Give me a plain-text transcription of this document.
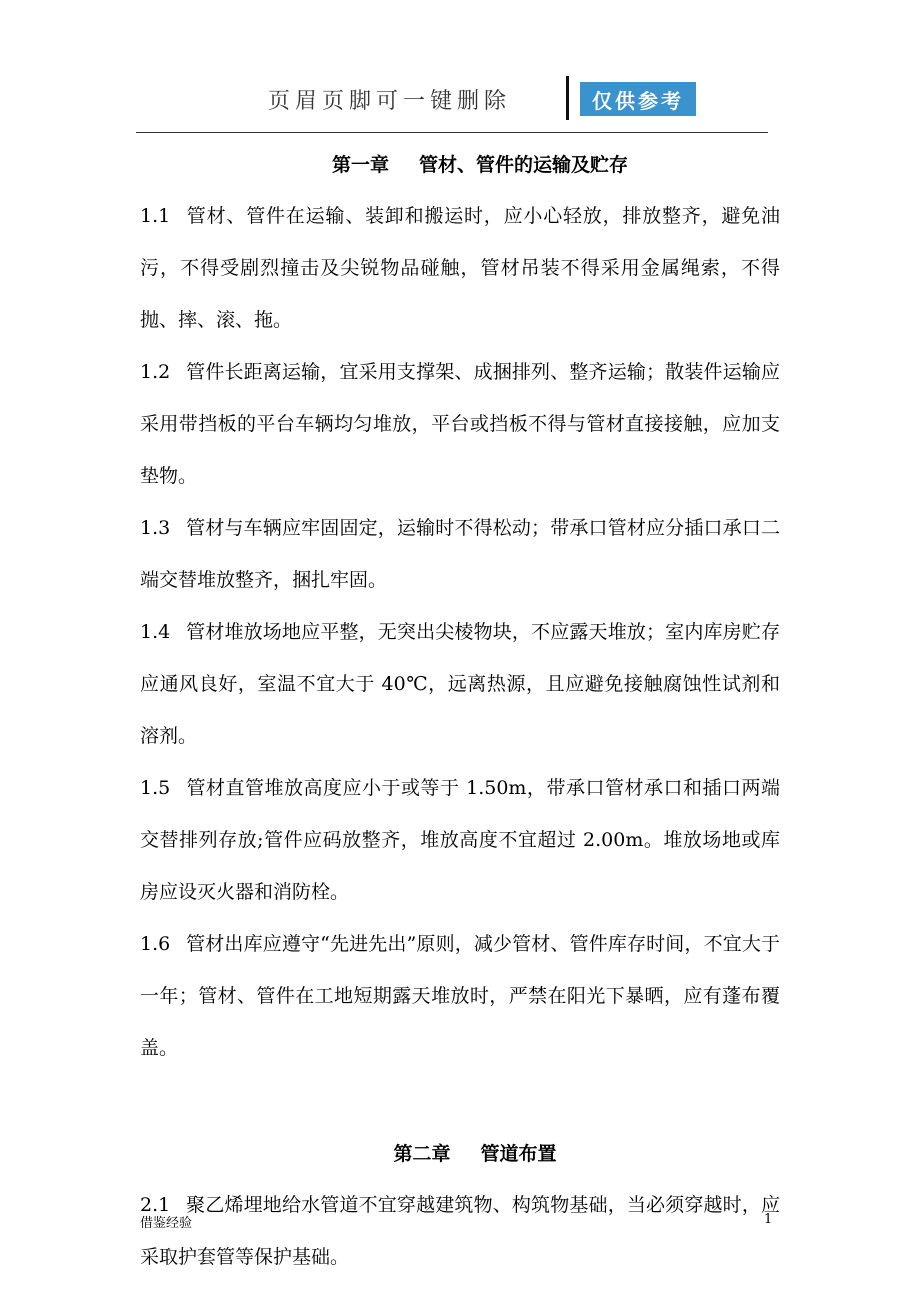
页眉页脚可一键删除	仅供参考
第一章 管材、管件的运输及贮存

1.1 管材、管件在运输、装卸和搬运时，应小心轻放，排放整齐，避免油污，不得受剧烈撞击及尖锐物品碰触，管材吊装不得采用金属绳索，不得抛、摔、滚、拖。

1.2 管件长距离运输，宜采用支撑架、成捆排列、整齐运输；散装件运输应采用带挡板的平台车辆均匀堆放，平台或挡板不得与管材直接接触，应加支垫物。

1.3 管材与车辆应牢固固定，运输时不得松动；带承口管材应分插口承口二端交替堆放整齐，捆扎牢固。

1.4 管材堆放场地应平整，无突出尖棱物块，不应露天堆放；室内库房贮存应通风良好，室温不宜大于 40℃，远离热源，且应避免接触腐蚀性试剂和溶剂。

1.5 管材直管堆放高度应小于或等于 1.50m，带承口管材承口和插口两端交替排列存放;管件应码放整齐，堆放高度不宜超过 2.00m。堆放场地或库房应设灭火器和消防栓。

1.6 管材出库应遵守“先进先出”原则，减少管材、管件库存时间，不宜大于一年；管材、管件在工地短期露天堆放时，严禁在阳光下暴晒，应有蓬布覆盖。

第二章 管道布置

2.1 聚乙烯埋地给水管道不宜穿越建筑物、构筑物基础，当必须穿越时，应采取护套管等保护基础。

借鉴经验	1
